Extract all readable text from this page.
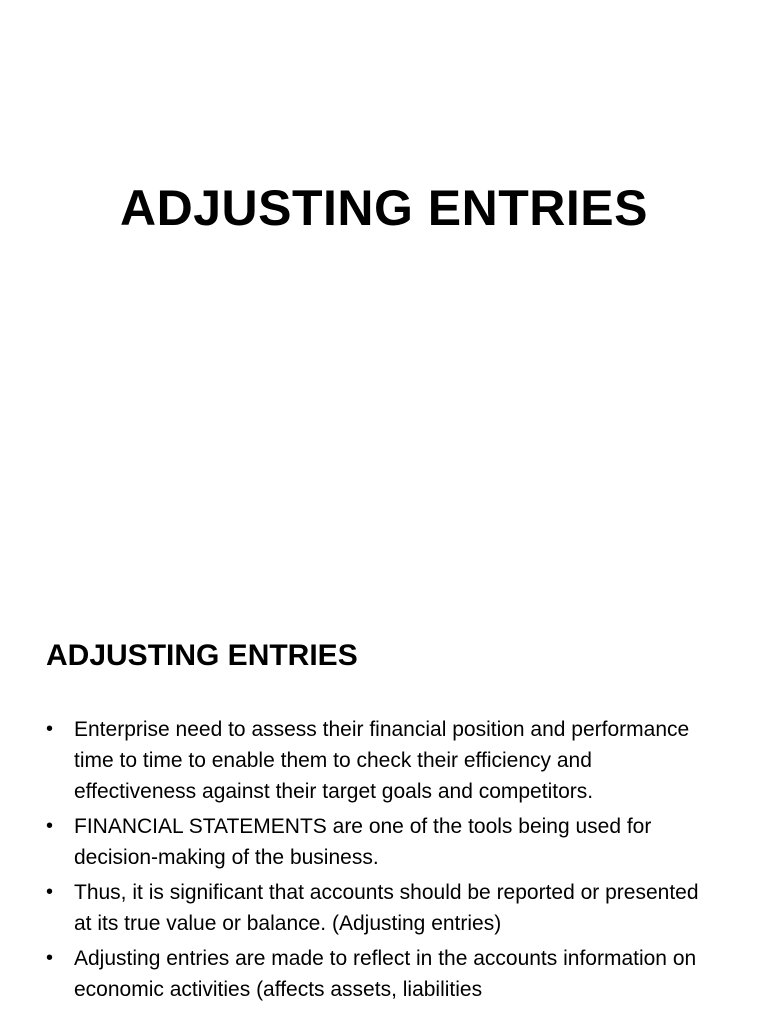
ADJUSTING ENTRIES
ADJUSTING ENTRIES
• Enterprise need to assess their financial position and performance time to time to enable them to check their efficiency and effectiveness against their target goals and competitors.
• FINANCIAL STATEMENTS are one of the tools being used for decision-making of the business.
• Thus, it is significant that accounts should be reported or presented at its true value or balance. (Adjusting entries)
• Adjusting entries are made to reflect in the accounts information on economic activities (affects assets, liabilities
